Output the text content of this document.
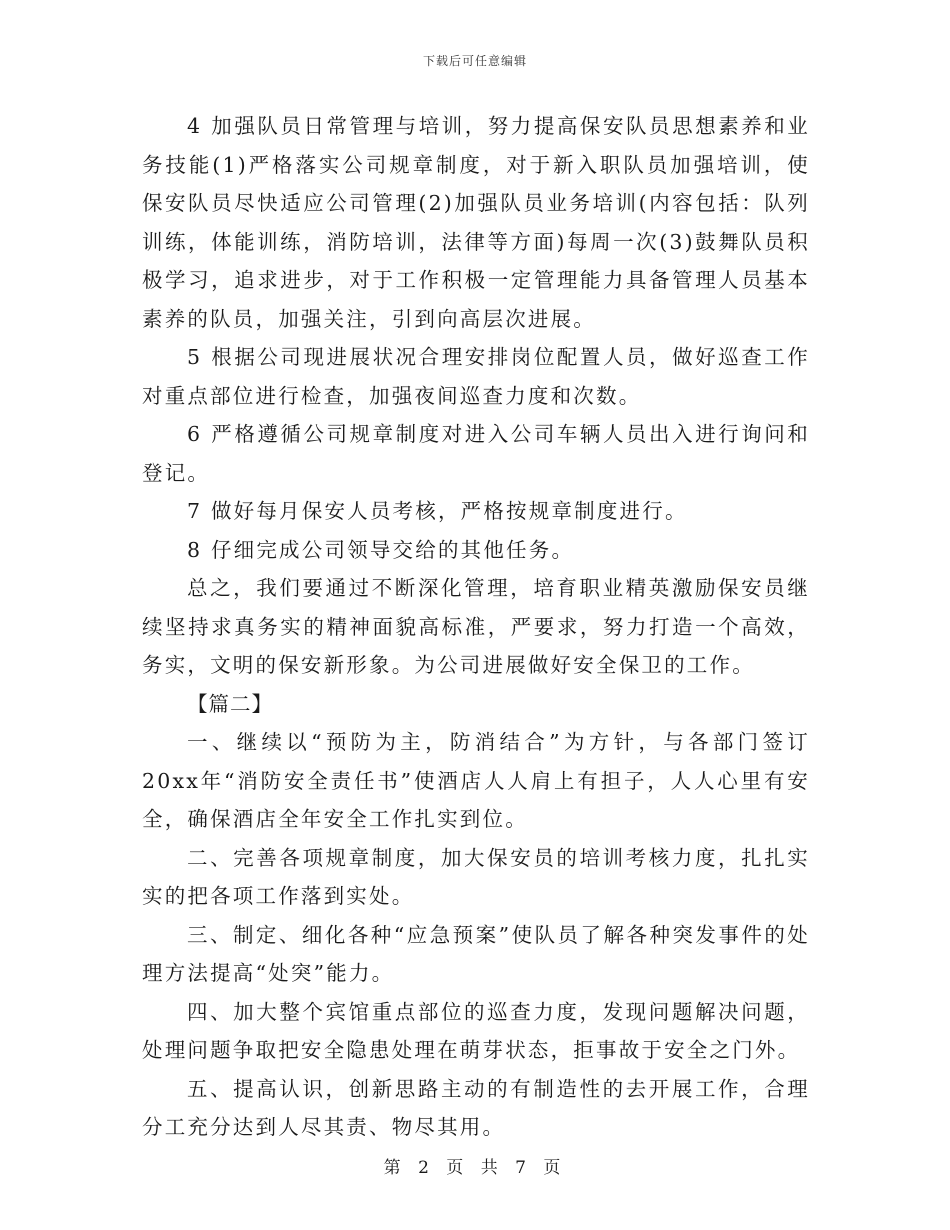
下载后可任意编辑

4 加强队员日常管理与培训，努力提高保安队员思想素养和业务技能(1)严格落实公司规章制度，对于新入职队员加强培训，使保安队员尽快适应公司管理(2)加强队员业务培训(内容包括：队列训练，体能训练，消防培训，法律等方面)每周一次(3)鼓舞队员积极学习，追求进步，对于工作积极一定管理能力具备管理人员基本素养的队员，加强关注，引到向高层次进展。

5 根据公司现进展状况合理安排岗位配置人员，做好巡查工作对重点部位进行检查，加强夜间巡查力度和次数。

6 严格遵循公司规章制度对进入公司车辆人员出入进行询问和登记。

7 做好每月保安人员考核，严格按规章制度进行。

8 仔细完成公司领导交给的其他任务。

总之，我们要通过不断深化管理，培育职业精英激励保安员继续坚持求真务实的精神面貌高标准，严要求，努力打造一个高效，务实，文明的保安新形象。为公司进展做好安全保卫的工作。

【篇二】

一、继续以“预防为主，防消结合”为方针，与各部门签订20xx年“消防安全责任书”使酒店人人肩上有担子，人人心里有安全，确保酒店全年安全工作扎实到位。

二、完善各项规章制度，加大保安员的培训考核力度，扎扎实实的把各项工作落到实处。

三、制定、细化各种“应急预案”使队员了解各种突发事件的处理方法提高“处突”能力。

四、加大整个宾馆重点部位的巡查力度，发现问题解决问题，处理问题争取把安全隐患处理在萌芽状态，拒事故于安全之门外。

五、提高认识，创新思路主动的有制造性的去开展工作，合理分工充分达到人尽其责、物尽其用。

第 2 页 共 7 页
